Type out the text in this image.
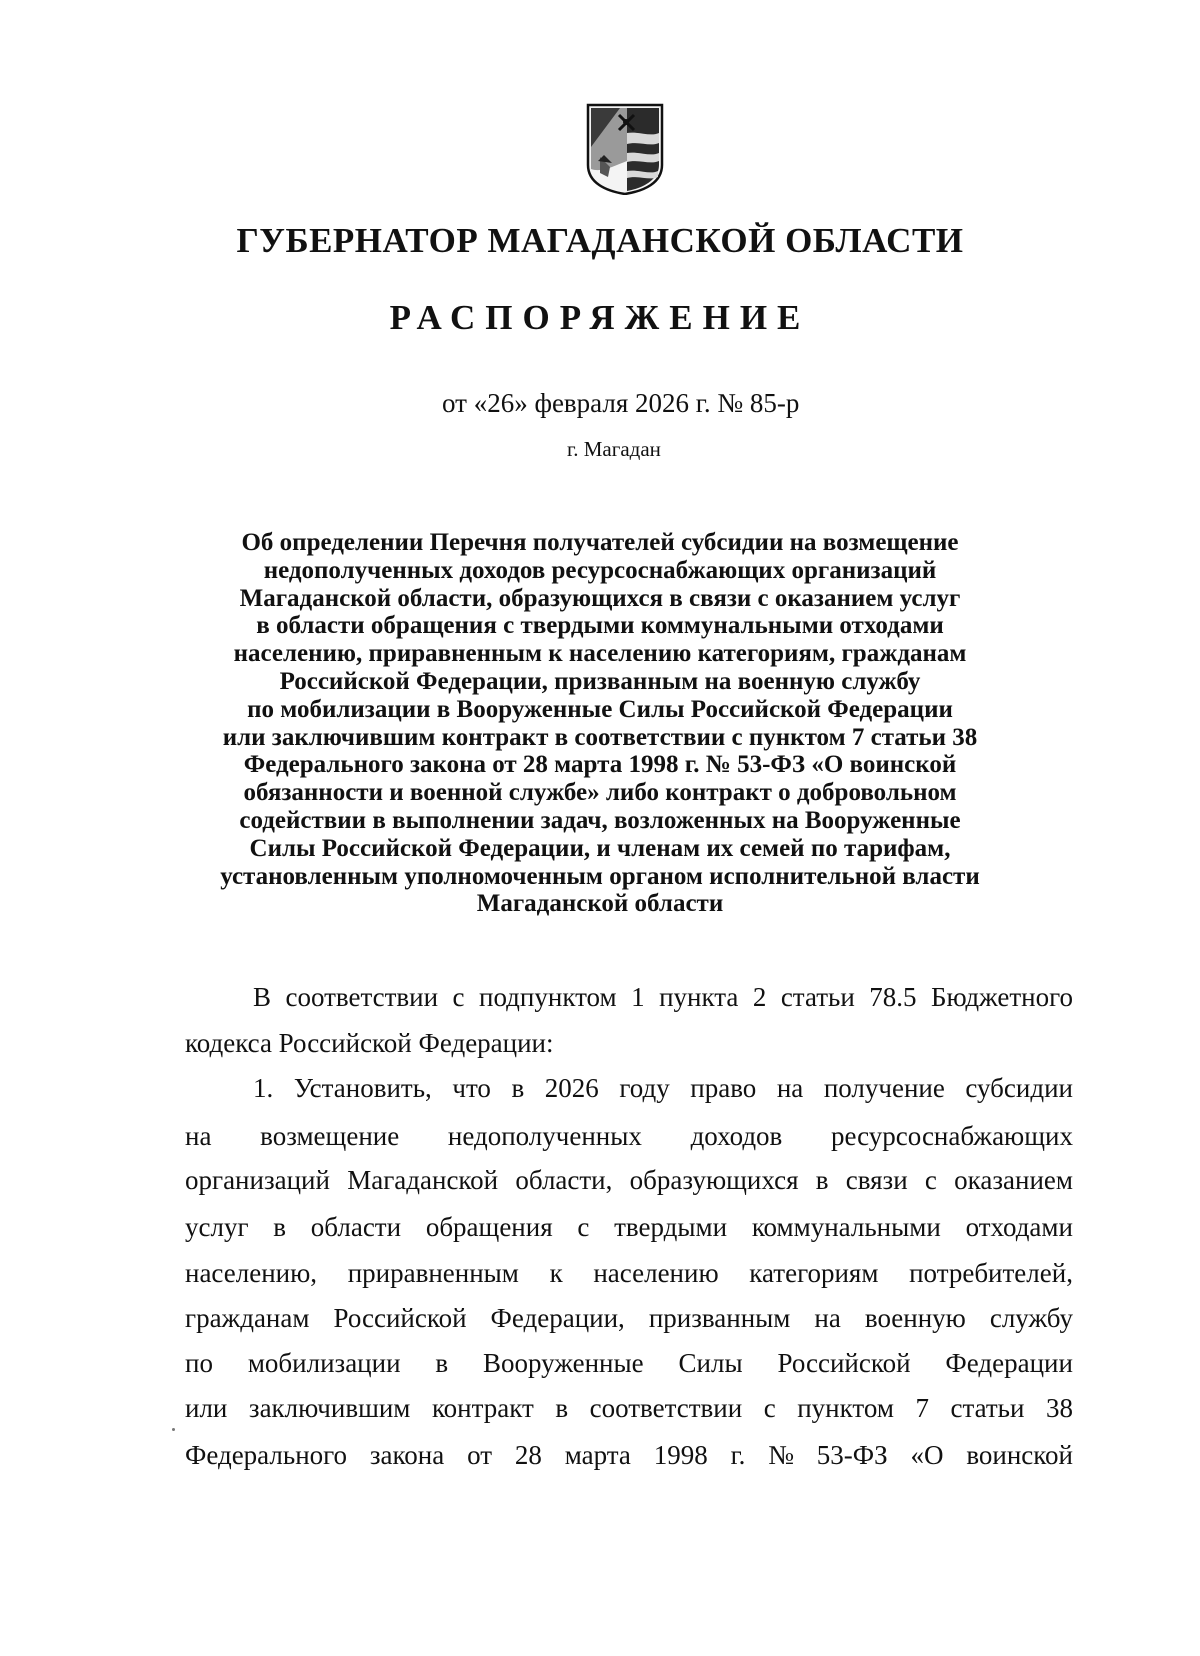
ГУБЕРНАТОР МАГАДАНСКОЙ ОБЛАСТИ
РАСПОРЯЖЕНИЕ
от «26» февраля 2026 г. № 85-р
г. Магадан
Об определении Перечня получателей субсидии на возмещение
недополученных доходов ресурсоснабжающих организаций
Магаданской области, образующихся в связи с оказанием услуг
в области обращения с твердыми коммунальными отходами
населению, приравненным к населению категориям, гражданам
Российской Федерации, призванным на военную службу
по мобилизации в Вооруженные Силы Российской Федерации
или заключившим контракт в соответствии с пунктом 7 статьи 38
Федерального закона от 28 марта 1998 г. № 53-ФЗ «О воинской
обязанности и военной службе» либо контракт о добровольном
содействии в выполнении задач, возложенных на Вооруженные
Силы Российской Федерации, и членам их семей по тарифам,
установленным уполномоченным органом исполнительной власти
Магаданской области
В соответствии с подпунктом 1 пункта 2 статьи 78.5 Бюджетного
кодекса Российской Федерации:
1. Установить, что в 2026 году право на получение субсидии
на возмещение недополученных доходов ресурсоснабжающих
организаций Магаданской области, образующихся в связи с оказанием
услуг в области обращения с твердыми коммунальными отходами
населению, приравненным к населению категориям потребителей,
гражданам Российской Федерации, призванным на военную службу
по мобилизации в Вооруженные Силы Российской Федерации
или заключившим контракт в соответствии с пунктом 7 статьи 38
Федерального закона от 28 марта 1998 г. № 53-ФЗ «О воинской
